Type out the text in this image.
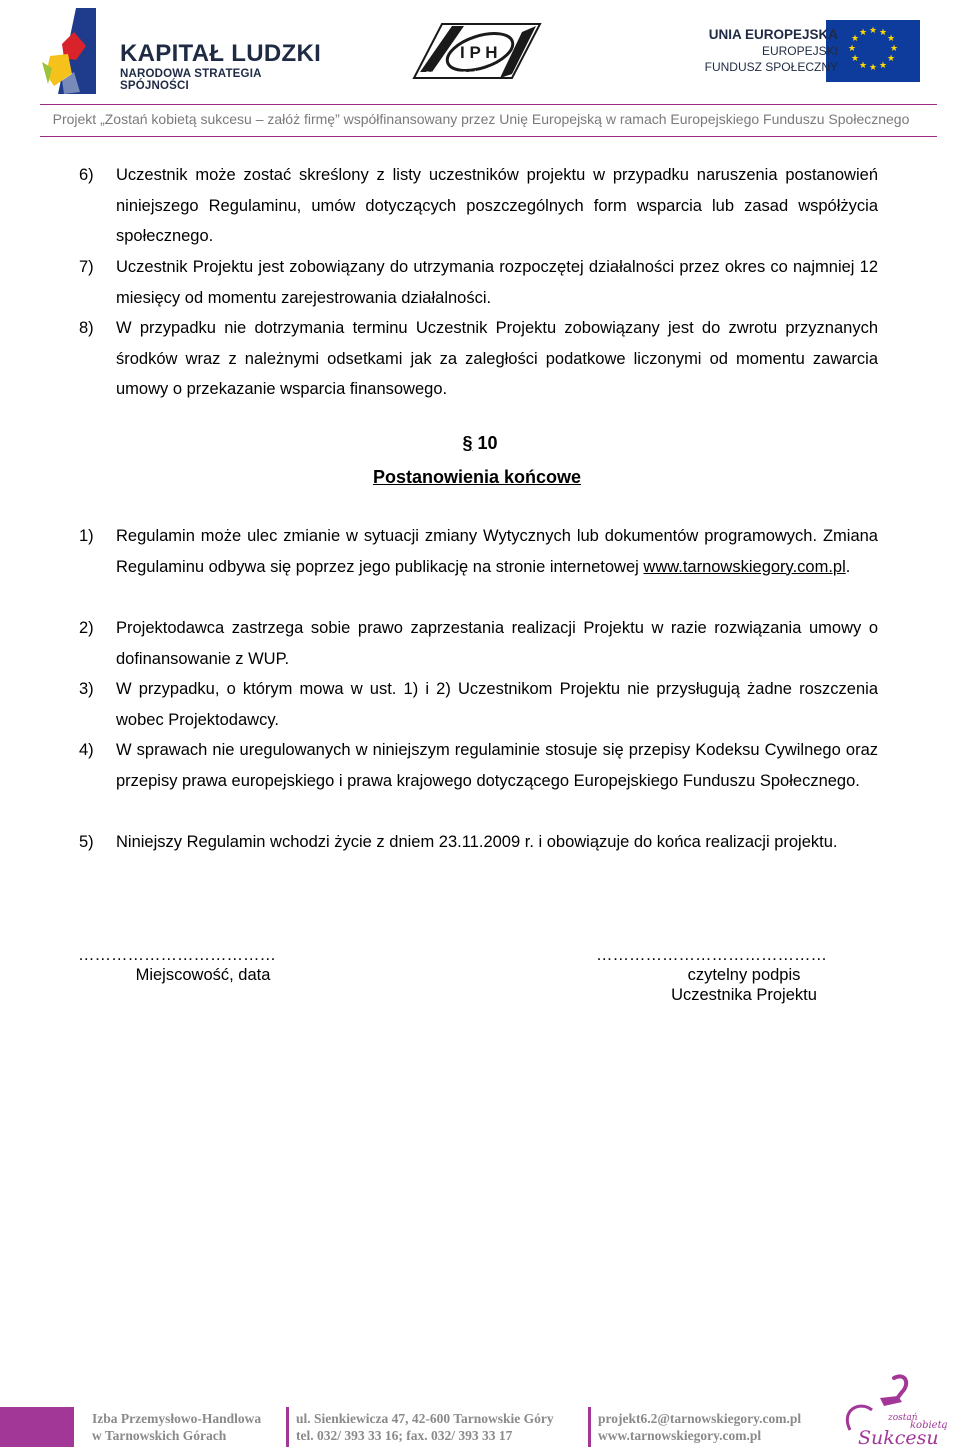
KAPITAŁ LUDZKI
NARODOWA STRATEGIA SPÓJNOŚCI
I P H
TARNOWSKIE GÓRY
★ ★
★
★
★
★
★
★
★
★
★
★
UNIA EUROPEJSKA
EUROPEJSKI
FUNDUSZ SPOŁECZNY
Projekt „Zostań kobietą sukcesu – załóż firmę” współfinansowany przez Unię Europejską w ramach Europejskiego Funduszu Społecznego
6) Uczestnik może zostać skreślony z listy uczestników projektu w przypadku naruszenia postanowień niniejszego Regulaminu, umów dotyczących poszczególnych form wsparcia lub zasad współżycia społecznego.
7) Uczestnik Projektu jest zobowiązany do utrzymania rozpoczętej działalności przez okres co najmniej 12 miesięcy od momentu zarejestrowania działalności.
8) W przypadku nie dotrzymania terminu Uczestnik Projektu zobowiązany jest do zwrotu przyznanych środków wraz z należnymi odsetkami jak za zaległości podatkowe liczonymi od momentu zawarcia umowy o przekazanie wsparcia finansowego.
§ 10
Postanowienia końcowe
1) Regulamin może ulec zmianie w sytuacji zmiany Wytycznych lub dokumentów programowych. Zmiana Regulaminu odbywa się poprzez jego publikację na stronie internetowej www.tarnowskiegory.com.pl.
2) Projektodawca zastrzega sobie prawo zaprzestania realizacji Projektu w razie rozwiązania umowy o dofinansowanie z WUP.
3) W przypadku, o którym mowa w ust. 1) i 2) Uczestnikom Projektu nie przysługują żadne roszczenia wobec Projektodawcy.
4) W sprawach nie uregulowanych w niniejszym regulaminie stosuje się przepisy Kodeksu Cywilnego oraz przepisy prawa europejskiego i prawa krajowego dotyczącego Europejskiego Funduszu Społecznego.
5) Niniejszy Regulamin wchodzi życie z dniem 23.11.2009 r. i obowiązuje do końca realizacji projektu.
………………………………
Miejscowość, data
……………………………………
czytelny podpis
Uczestnika Projektu
Izba Przemysłowo-Handlowa
w Tarnowskich Górach
ul. Sienkiewicza 47, 42-600 Tarnowskie Góry
tel. 032/ 393 33 16; fax. 032/ 393 33 17
projekt6.2@tarnowskiegory.com.pl
www.tarnowskiegory.com.pl
zostań
kobietą
Sukcesu
